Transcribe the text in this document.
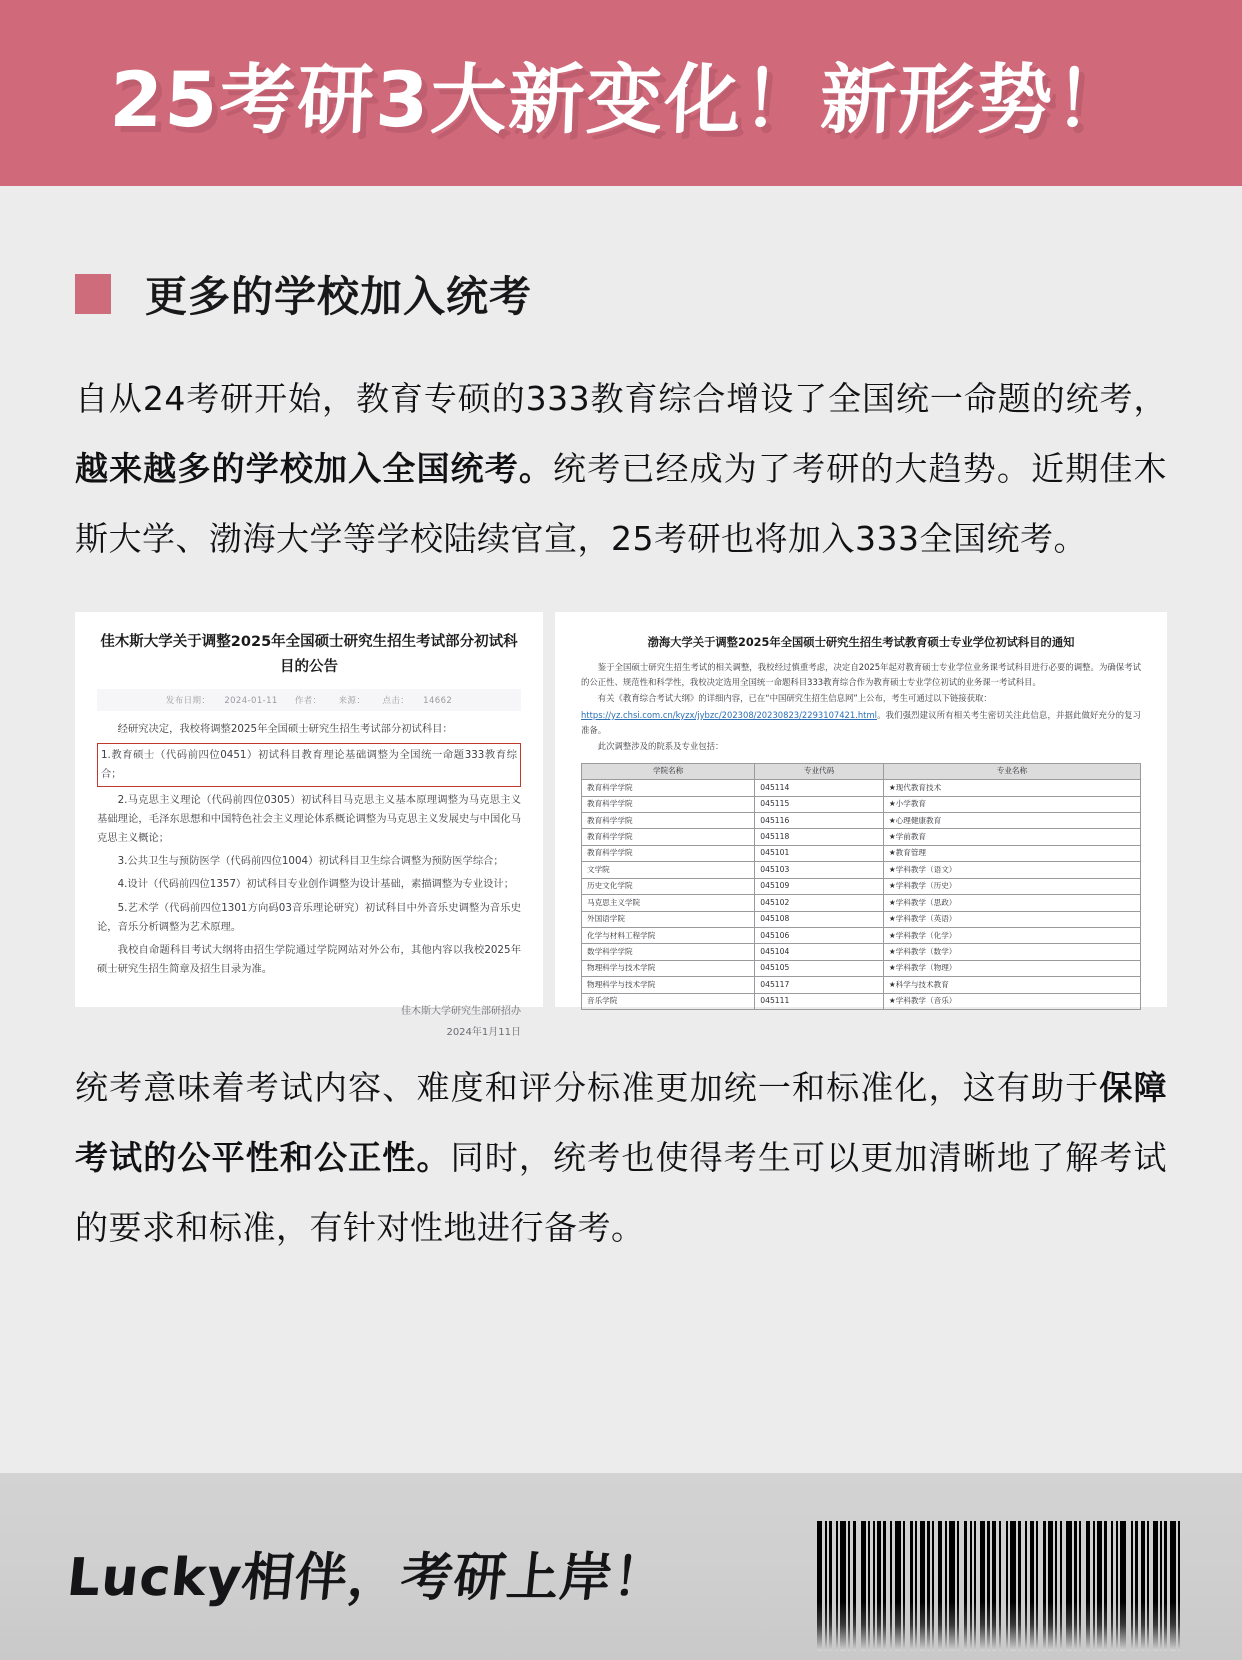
25考研3大新变化！新形势！
更多的学校加入统考

自从24考研开始，教育专硕的333教育综合增设了全国统一命题的统考，越来越多的学校加入全国统考。统考已经成为了考研的大趋势。近期佳木斯大学、渤海大学等学校陆续官宣，25考研也将加入333全国统考。

佳木斯大学关于调整2025年全国硕士研究生招生考试部分初试科目的公告
发布日期： 2024-01-11 作者： 来源： 点击： 14662

经研究决定，我校将调整2025年全国硕士研究生招生考试部分初试科目：

1.教育硕士（代码前四位0451）初试科目教育理论基础调整为全国统一命题333教育综合；

2.马克思主义理论（代码前四位0305）初试科目马克思主义基本原理调整为马克思主义基础理论，毛泽东思想和中国特色社会主义理论体系概论调整为马克思主义发展史与中国化马克思主义概论；

3.公共卫生与预防医学（代码前四位1004）初试科目卫生综合调整为预防医学综合；

4.设计（代码前四位1357）初试科目专业创作调整为设计基础，素描调整为专业设计；

5.艺术学（代码前四位1301方向码03音乐理论研究）初试科目中外音乐史调整为音乐史论，音乐分析调整为艺术原理。

我校自命题科目考试大纲将由招生学院通过学院网站对外公布，其他内容以我校2025年硕士研究生招生简章及招生目录为准。

佳木斯大学研究生部研招办
2024年1月11日
渤海大学关于调整2025年全国硕士研究生招生考试教育硕士专业学位初试科目的通知

鉴于全国硕士研究生招生考试的相关调整，我校经过慎重考虑，决定自2025年起对教育硕士专业学位业务课考试科目进行必要的调整。为确保考试的公正性、规范性和科学性，我校决定选用全国统一命题科目333教育综合作为教育硕士专业学位初试的业务课一考试科目。

有关《教育综合考试大纲》的详细内容，已在“中国研究生招生信息网”上公布，考生可通过以下链接获取：

https://yz.chsi.com.cn/kyzx/jybzc/202308/20230823/2293107421.html。我们强烈建议所有相关考生密切关注此信息，并据此做好充分的复习准备。

此次调整涉及的院系及专业包括：

学院名称	专业代码	专业名称
教育科学学院	045114	★现代教育技术
教育科学学院	045115	★小学教育
教育科学学院	045116	★心理健康教育
教育科学学院	045118	★学前教育
教育科学学院	045101	★教育管理
文学院	045103	★学科教学（语文）
历史文化学院	045109	★学科教学（历史）
马克思主义学院	045102	★学科教学（思政）
外国语学院	045108	★学科教学（英语）
化学与材料工程学院	045106	★学科教学（化学）
数学科学学院	045104	★学科教学（数学）
物理科学与技术学院	045105	★学科教学（物理）
物理科学与技术学院	045117	★科学与技术教育
音乐学院	045111	★学科教学（音乐）

统考意味着考试内容、难度和评分标准更加统一和标准化，这有助于保障考试的公平性和公正性。同时，统考也使得考生可以更加清晰地了解考试的要求和标准，有针对性地进行备考。

Lucky相伴，考研上岸！
